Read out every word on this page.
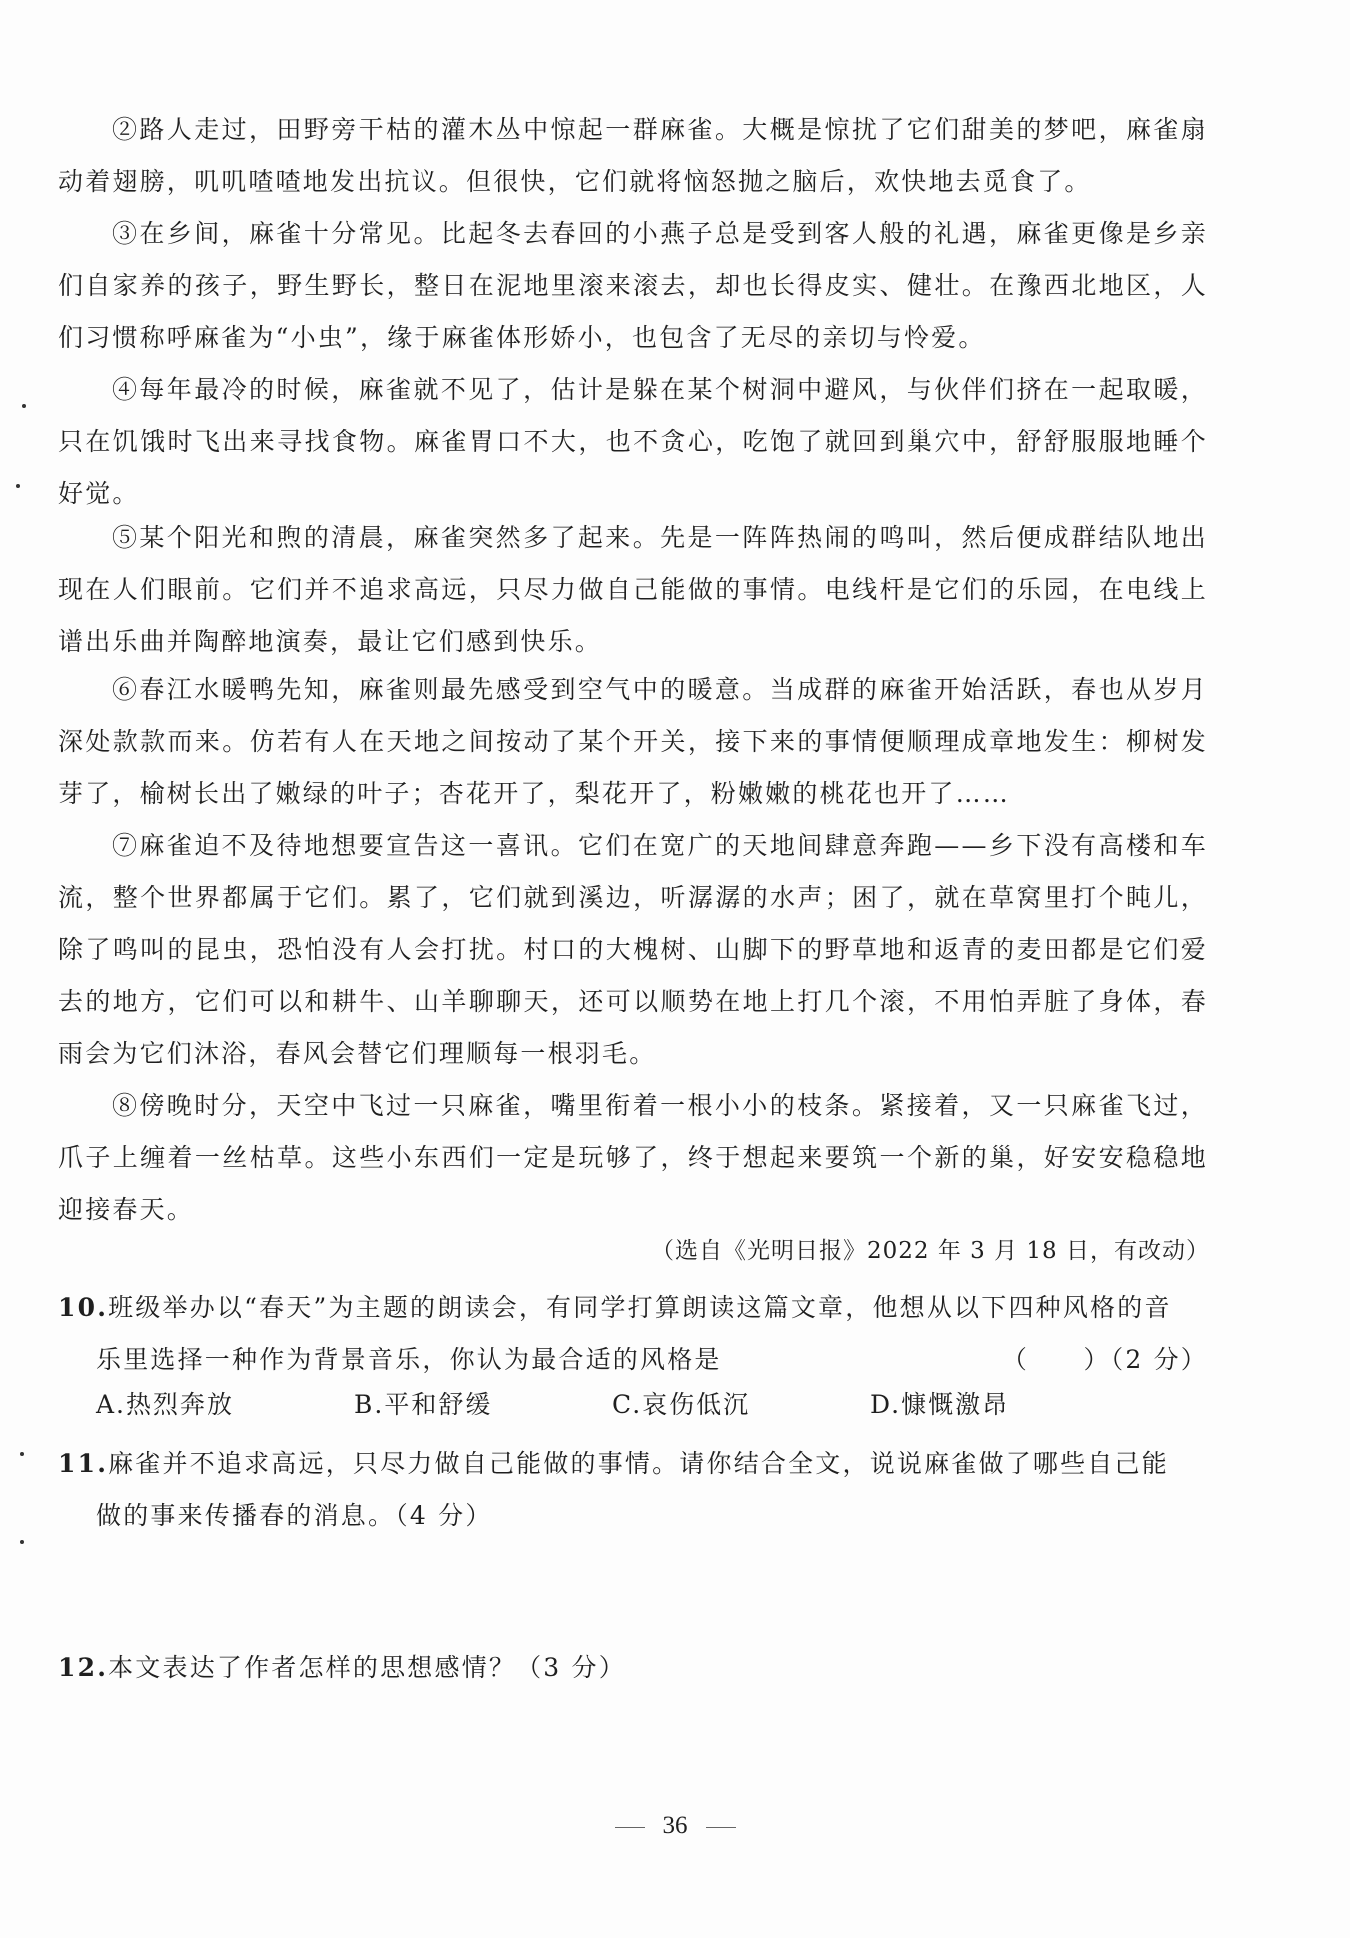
②路人走过，田野旁干枯的灌木丛中惊起一群麻雀。大概是惊扰了它们甜美的梦吧，麻雀扇动着翅膀，叽叽喳喳地发出抗议。但很快，它们就将恼怒抛之脑后，欢快地去觅食了。

③在乡间，麻雀十分常见。比起冬去春回的小燕子总是受到客人般的礼遇，麻雀更像是乡亲们自家养的孩子，野生野长，整日在泥地里滚来滚去，却也长得皮实、健壮。在豫西北地区，人们习惯称呼麻雀为“小虫”，缘于麻雀体形娇小，也包含了无尽的亲切与怜爱。

④每年最冷的时候，麻雀就不见了，估计是躲在某个树洞中避风，与伙伴们挤在一起取暖，只在饥饿时飞出来寻找食物。麻雀胃口不大，也不贪心，吃饱了就回到巢穴中，舒舒服服地睡个好觉。

⑤某个阳光和煦的清晨，麻雀突然多了起来。先是一阵阵热闹的鸣叫，然后便成群结队地出现在人们眼前。它们并不追求高远，只尽力做自己能做的事情。电线杆是它们的乐园，在电线上谱出乐曲并陶醉地演奏，最让它们感到快乐。

⑥春江水暖鸭先知，麻雀则最先感受到空气中的暖意。当成群的麻雀开始活跃，春也从岁月深处款款而来。仿若有人在天地之间按动了某个开关，接下来的事情便顺理成章地发生：柳树发芽了，榆树长出了嫩绿的叶子；杏花开了，梨花开了，粉嫩嫩的桃花也开了……

⑦麻雀迫不及待地想要宣告这一喜讯。它们在宽广的天地间肆意奔跑——乡下没有高楼和车流，整个世界都属于它们。累了，它们就到溪边，听潺潺的水声；困了，就在草窝里打个盹儿，除了鸣叫的昆虫，恐怕没有人会打扰。村口的大槐树、山脚下的野草地和返青的麦田都是它们爱去的地方，它们可以和耕牛、山羊聊聊天，还可以顺势在地上打几个滚，不用怕弄脏了身体，春雨会为它们沐浴，春风会替它们理顺每一根羽毛。

⑧傍晚时分，天空中飞过一只麻雀，嘴里衔着一根小小的枝条。紧接着，又一只麻雀飞过，爪子上缠着一丝枯草。这些小东西们一定是玩够了，终于想起来要筑一个新的巢，好安安稳稳地迎接春天。

（选自《光明日报》2022 年 3 月 18 日，有改动）

10.班级举办以“春天”为主题的朗读会，有同学打算朗读这篇文章，他想从以下四种风格的音
乐里选择一种作为背景音乐，你认为最合适的风格是	（　　）（2 分）
A.热烈奔放	B.平和舒缓	C.哀伤低沉	D.慷慨激昂
11.麻雀并不追求高远，只尽力做自己能做的事情。请你结合全文，说说麻雀做了哪些自己能
做的事来传播春的消息。（4 分）
12.本文表达了作者怎样的思想感情？（3 分）
36
